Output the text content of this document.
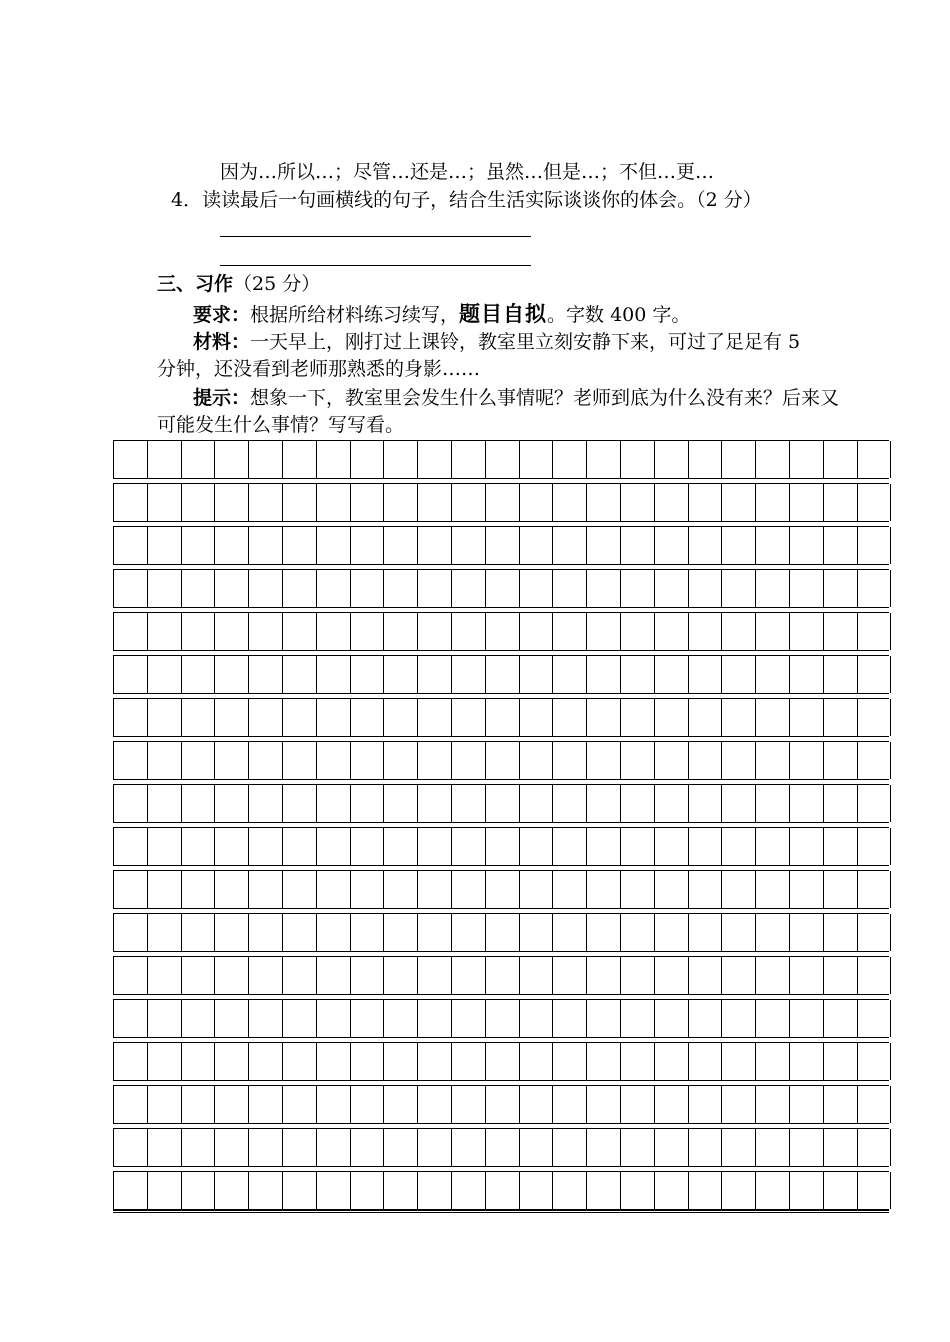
因为…所以…；尽管…还是…；虽然…但是…；不但…更…
4．读读最后一句画横线的句子，结合生活实际谈谈你的体会。（2 分）
三、习作（25 分）
要求：根据所给材料练习续写，题目自拟。字数 400 字。
材料：一天早上，刚打过上课铃，教室里立刻安静下来，可过了足足有 5
分钟，还没看到老师那熟悉的身影……
提示：想象一下，教室里会发生什么事情呢？老师到底为什么没有来？后来又
可能发生什么事情？写写看。
